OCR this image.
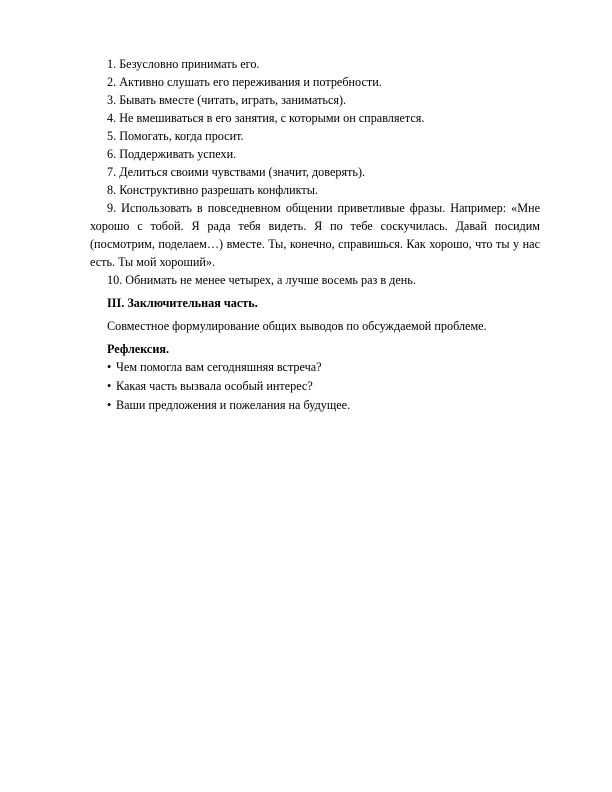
1. Безусловно принимать его.
2. Активно слушать его переживания и потребности.
3. Бывать вместе (читать, играть, заниматься).
4. Не вмешиваться в его занятия, с которыми он справляется.
5. Помогать, когда просит.
6. Поддерживать успехи.
7. Делиться своими чувствами (значит, доверять).
8. Конструктивно разрешать конфликты.
9. Использовать в повседневном общении приветливые фразы. Например: «Мне хорошо с тобой. Я рада тебя видеть. Я по тебе соскучилась. Давай посидим (посмотрим, поделаем…) вместе. Ты, конечно, справишься. Как хорошо, что ты у нас есть. Ты мой хороший».
10. Обнимать не менее четырех, а лучше восемь раз в день.
III. Заключительная часть.
Совместное формулирование общих выводов по обсуждаемой проблеме.
Рефлексия.
• Чем помогла вам сегодняшняя встреча?
• Какая часть вызвала особый интерес?
• Ваши предложения и пожелания на будущее.
